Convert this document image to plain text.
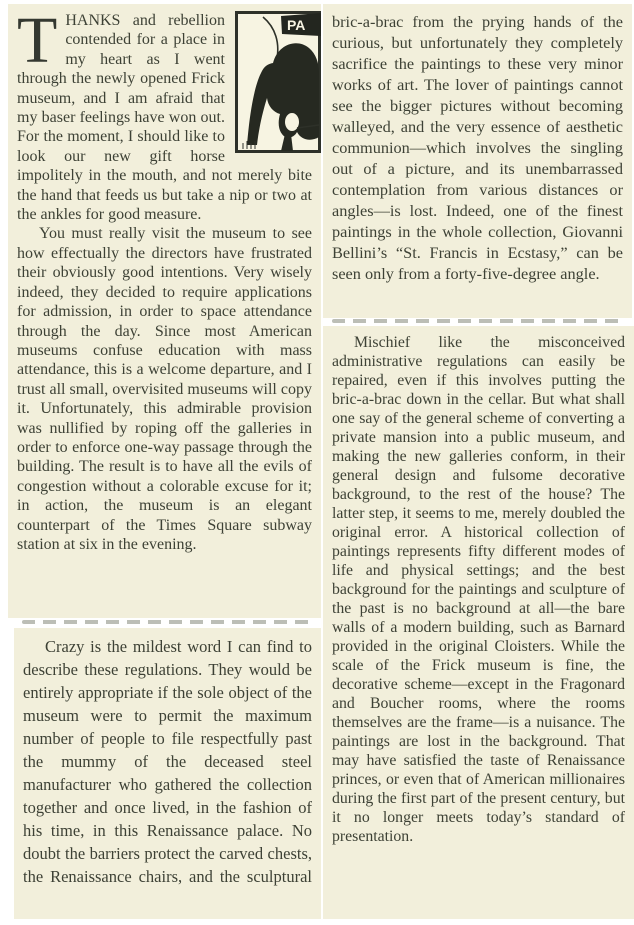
PA

THANKS and rebellion contended for a place in my heart as I went through the newly opened Frick museum, and I am afraid that my baser feelings have won out. For the moment, I should like to look our new gift horse impolitely in the mouth, and not merely bite the hand that feeds us but take a nip or two at the ankles for good measure.

You must really visit the museum to see how effectually the directors have frustrated their obviously good intentions. Very wisely indeed, they decided to require applications for admission, in order to space attendance through the day. Since most American museums confuse education with mass attendance, this is a welcome departure, and I trust all small, overvisited museums will copy it. Unfortunately, this admirable provision was nullified by roping off the galleries in order to enforce one-way passage through the building. The result is to have all the evils of congestion without a colorable excuse for it; in action, the museum is an elegant counterpart of the Times Square subway station at six in the evening.

Crazy is the mildest word I can find to describe these regulations. They would be entirely appropriate if the sole object of the museum were to permit the maximum number of people to file respectfully past the mummy of the deceased steel manufacturer who gathered the collection together and once lived, in the fashion of his time, in this Renaissance palace. No doubt the barriers protect the carved chests, the Renaissance chairs, and the sculptural

bric-a-brac from the prying hands of the curious, but unfortunately they completely sacrifice the paintings to these very minor works of art. The lover of paintings cannot see the bigger pictures without becoming walleyed, and the very essence of aesthetic communion—which involves the singling out of a picture, and its unembarrassed contemplation from various distances or angles—is lost. Indeed, one of the finest paintings in the whole collection, Giovanni Bellini’s “St. Francis in Ecstasy,” can be seen only from a forty-five-degree angle.

Mischief like the misconceived administrative regulations can easily be repaired, even if this involves putting the bric-a-brac down in the cellar. But what shall one say of the general scheme of converting a private mansion into a public museum, and making the new galleries conform, in their general design and fulsome decorative background, to the rest of the house? The latter step, it seems to me, merely doubled the original error. A historical collection of paintings represents fifty different modes of life and physical settings; and the best background for the paintings and sculpture of the past is no background at all—the bare walls of a modern building, such as Barnard provided in the original Cloisters. While the scale of the Frick museum is fine, the decorative scheme—except in the Fragonard and Boucher rooms, where the rooms themselves are the frame—is a nuisance. The paintings are lost in the background. That may have satisfied the taste of Renaissance princes, or even that of American millionaires during the first part of the present century, but it no longer meets today’s standard of presentation.
